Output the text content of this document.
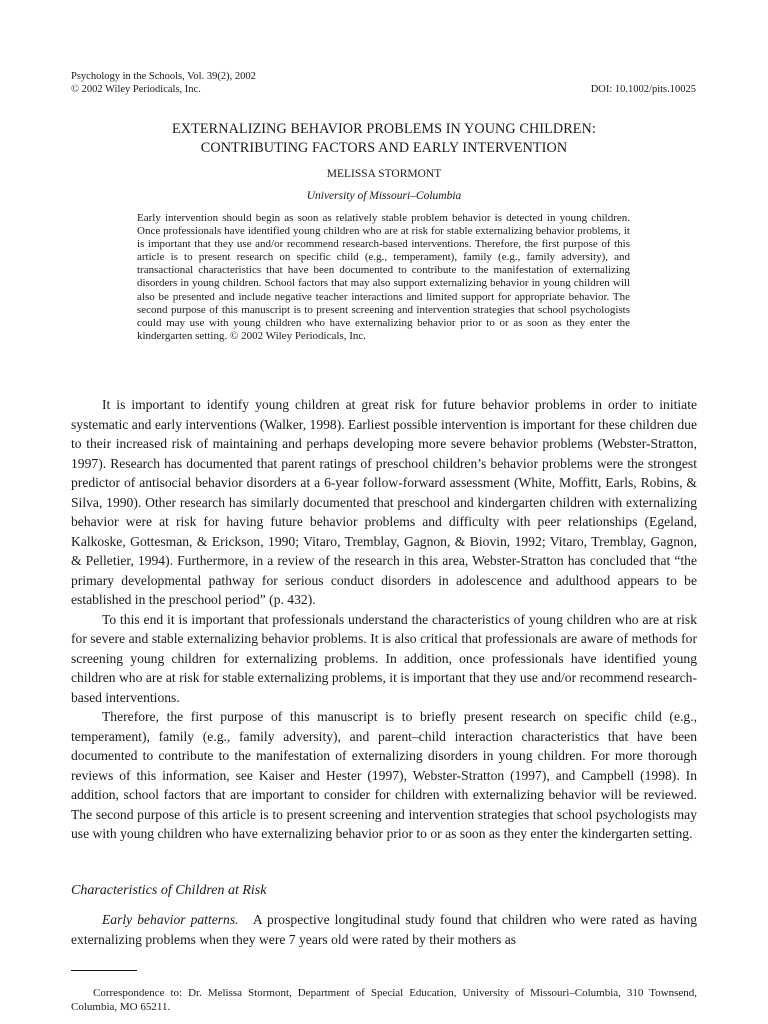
Psychology in the Schools, Vol. 39(2), 2002
© 2002 Wiley Periodicals, Inc.	DOI: 10.1002/pits.10025
EXTERNALIZING BEHAVIOR PROBLEMS IN YOUNG CHILDREN:
CONTRIBUTING FACTORS AND EARLY INTERVENTION
MELISSA STORMONT
University of Missouri–Columbia
Early intervention should begin as soon as relatively stable problem behavior is detected in young children. Once professionals have identified young children who are at risk for stable externalizing behavior problems, it is important that they use and/or recommend research-based interventions. Therefore, the first purpose of this article is to present research on specific child (e.g., temperament), family (e.g., family adversity), and transactional characteristics that have been documented to contribute to the manifestation of externalizing disorders in young children. School factors that may also support externalizing behavior in young children will also be presented and include negative teacher interactions and limited support for appropriate behavior. The second purpose of this manuscript is to present screening and intervention strategies that school psychologists could may use with young children who have externalizing behavior prior to or as soon as they enter the kindergarten setting. © 2002 Wiley Periodicals, Inc.

It is important to identify young children at great risk for future behavior problems in order to initiate systematic and early interventions (Walker, 1998). Earliest possible intervention is important for these children due to their increased risk of maintaining and perhaps developing more severe behavior problems (Webster-Stratton, 1997). Research has documented that parent ratings of preschool children’s behavior problems were the strongest predictor of antisocial behavior disorders at a 6-year follow-forward assessment (White, Moffitt, Earls, Robins, & Silva, 1990). Other research has similarly documented that preschool and kindergarten children with externalizing behavior were at risk for having future behavior problems and difficulty with peer relationships (Egeland, Kalkoske, Gottesman, & Erickson, 1990; Vitaro, Tremblay, Gagnon, & Biovin, 1992; Vitaro, Tremblay, Gagnon, & Pelletier, 1994). Furthermore, in a review of the research in this area, Webster-Stratton has concluded that “the primary developmental pathway for serious conduct disorders in adolescence and adulthood appears to be established in the preschool period” (p. 432).

To this end it is important that professionals understand the characteristics of young children who are at risk for severe and stable externalizing behavior problems. It is also critical that professionals are aware of methods for screening young children for externalizing problems. In addition, once professionals have identified young children who are at risk for stable externalizing problems, it is important that they use and/or recommend research-based interventions.

Therefore, the first purpose of this manuscript is to briefly present research on specific child (e.g., temperament), family (e.g., family adversity), and parent–child interaction characteristics that have been documented to contribute to the manifestation of externalizing disorders in young children. For more thorough reviews of this information, see Kaiser and Hester (1997), Webster-Stratton (1997), and Campbell (1998). In addition, school factors that are important to consider for children with externalizing behavior will be reviewed. The second purpose of this article is to present screening and intervention strategies that school psychologists may use with young children who have externalizing behavior prior to or as soon as they enter the kindergarten setting.

Characteristics of Children at Risk
Early behavior patterns. A prospective longitudinal study found that children who were rated as having externalizing problems when they were 7 years old were rated by their mothers as
Correspondence to: Dr. Melissa Stormont, Department of Special Education, University of Missouri–Columbia, 310 Townsend, Columbia, MO 65211.
